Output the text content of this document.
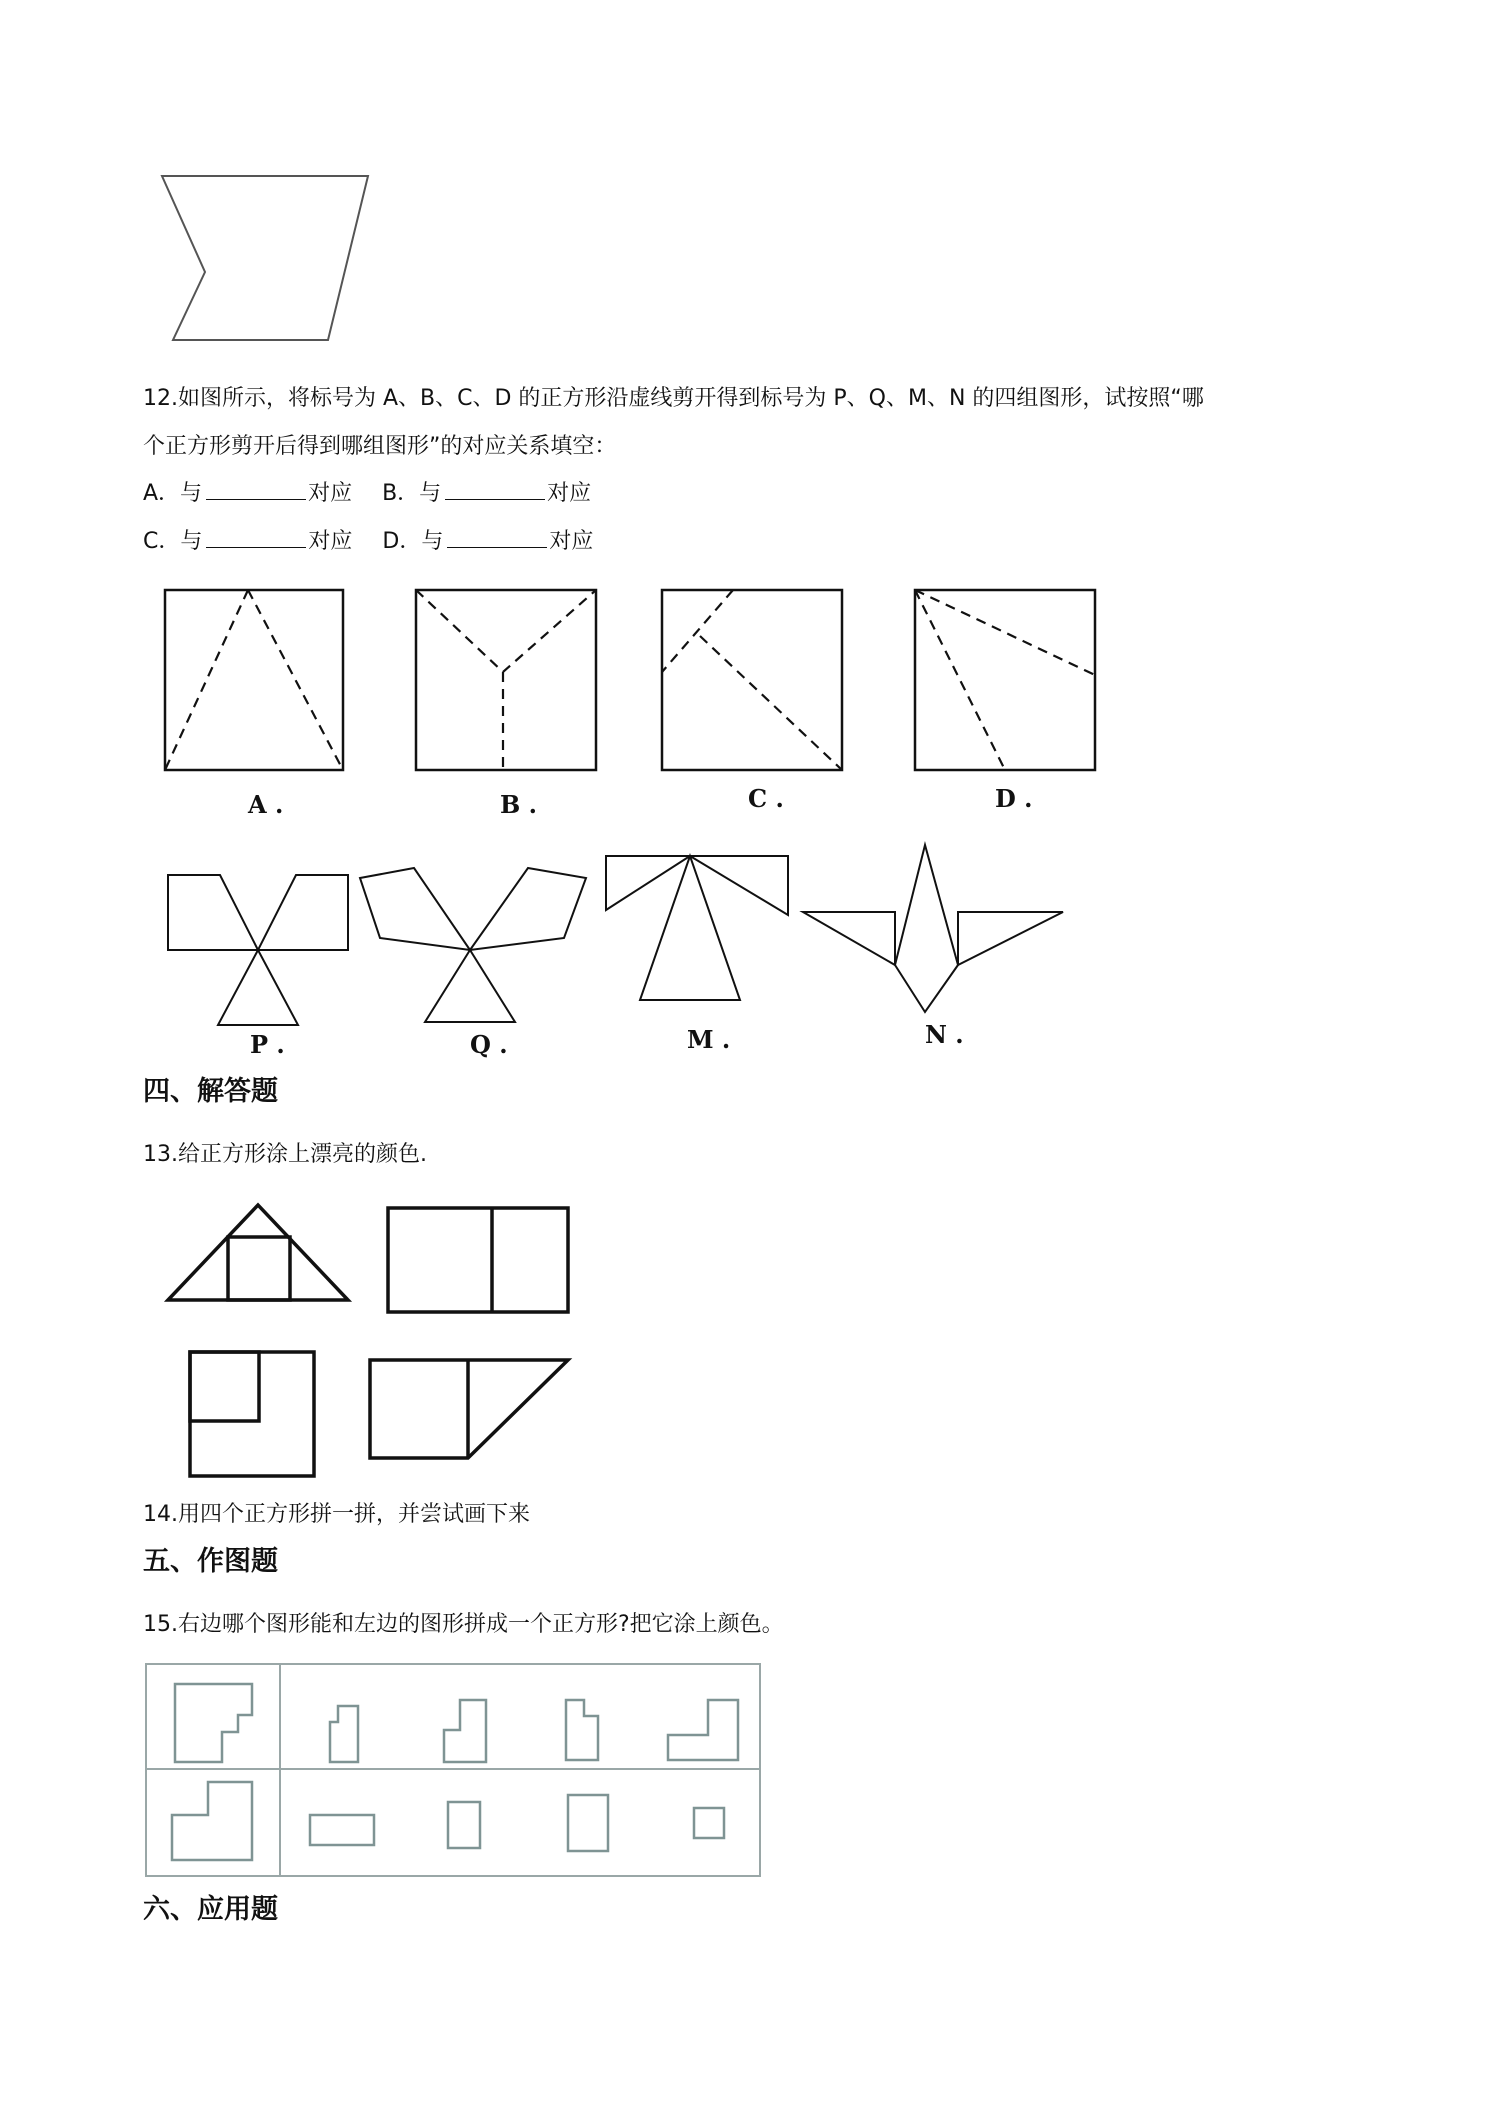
12.如图所示，将标号为 A、B、C、D 的正方形沿虚线剪开得到标号为 P、Q、M、N 的四组图形，试按照“哪
个正方形剪开后得到哪组图形”的对应关系填空：
A．与	对应 B．与	对应
C．与	对应 D．与	对应
A .	B .	C .	D .
P .	Q .	M .	N .
四、解答题
13.给正方形涂上漂亮的颜色.
14.用四个正方形拼一拼，并尝试画下来
五、作图题
15.右边哪个图形能和左边的图形拼成一个正方形?把它涂上颜色。
六、应用题
